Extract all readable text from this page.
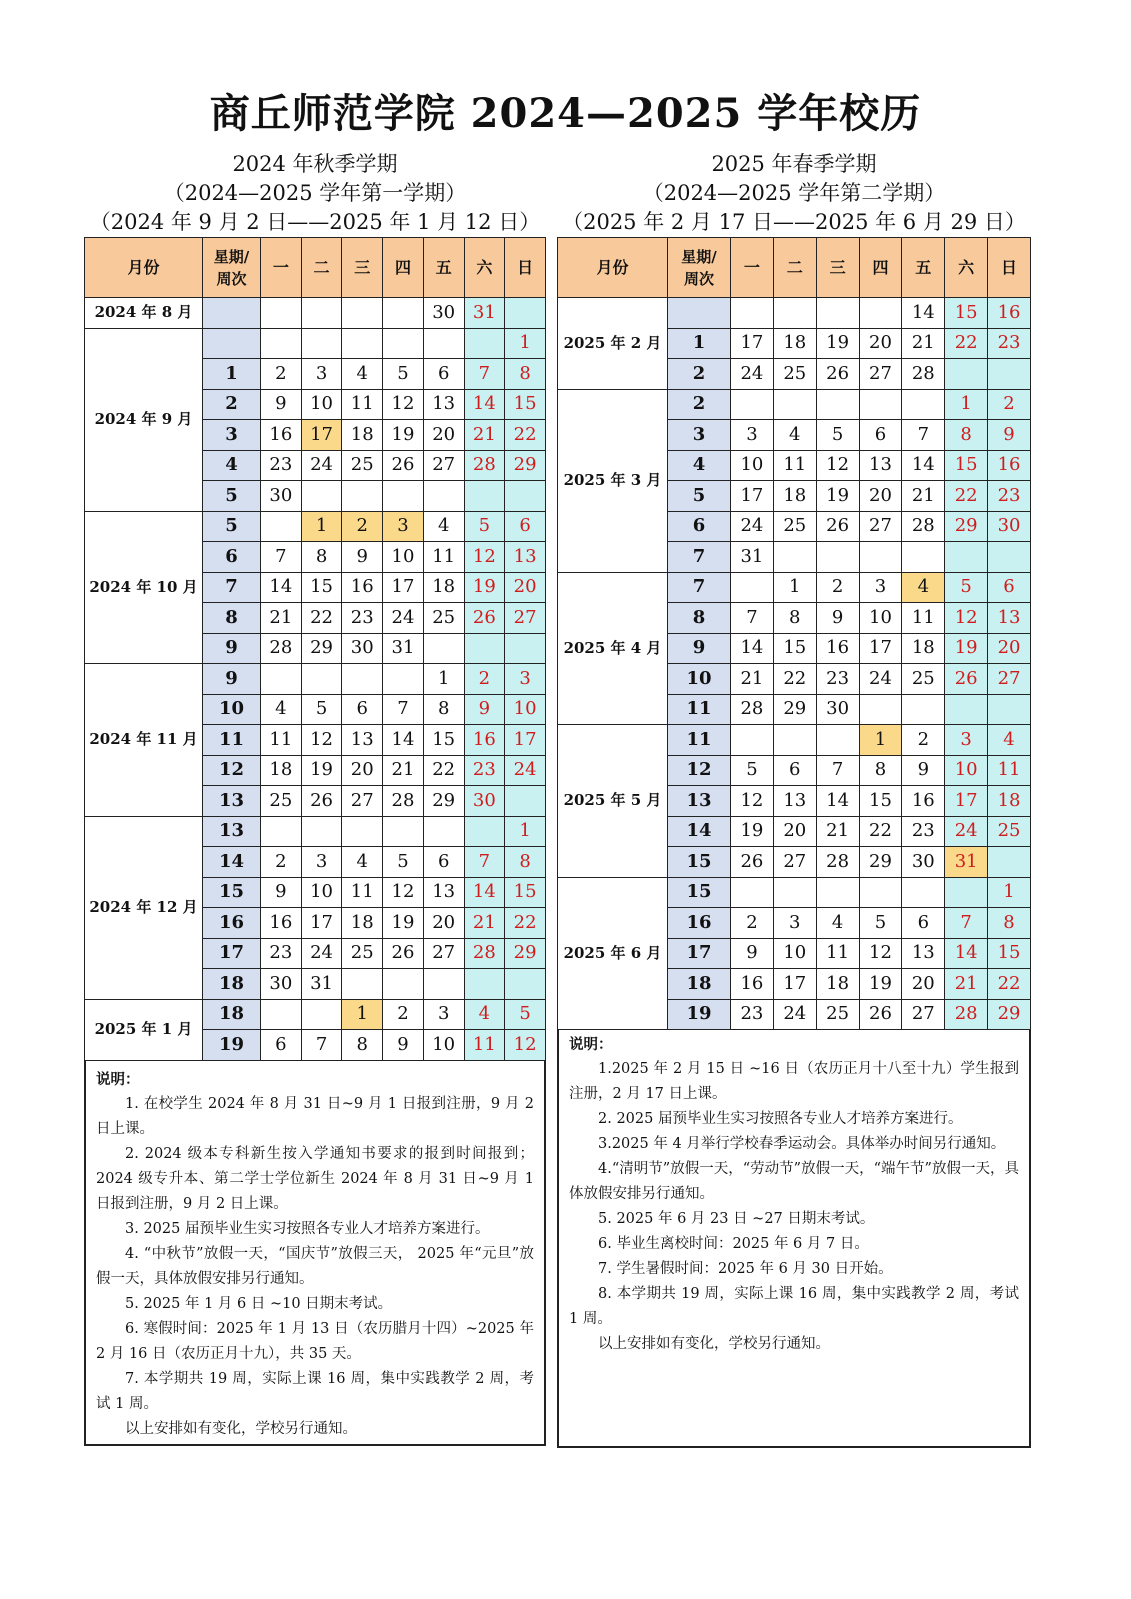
商丘师范学院 2024—2025 学年校历
2024 年秋季学期
（2024—2025 学年第一学期）
（2024 年 9 月 2 日——2025 年 1 月 12 日）
月份	星期/
周次	一	二	三	四	五	六	日
2024 年 8 月						30	31	
2024 年 9 月								1
	1	2	3	4	5	6	7	8
	2	9	10	11	12	13	14	15
	3	16	17	18	19	20	21	22
	4	23	24	25	26	27	28	29
	5	30						
2024 年 10 月	5		1	2	3	4	5	6
	6	7	8	9	10	11	12	13
	7	14	15	16	17	18	19	20
	8	21	22	23	24	25	26	27
	9	28	29	30	31			
2024 年 11 月	9					1	2	3
	10	4	5	6	7	8	9	10
	11	11	12	13	14	15	16	17
	12	18	19	20	21	22	23	24
	13	25	26	27	28	29	30	
2024 年 12 月	13							1
	14	2	3	4	5	6	7	8
	15	9	10	11	12	13	14	15
	16	16	17	18	19	20	21	22
	17	23	24	25	26	27	28	29
	18	30	31					
2025 年 1 月	18			1	2	3	4	5
	19	6	7	8	9	10	11	12
说明：

1. 在校学生 2024 年 8 月 31 日~9 月 1 日报到注册，9 月 2 日上课。

2. 2024 级本专科新生按入学通知书要求的报到时间报到；2024 级专升本、第二学士学位新生 2024 年 8 月 31 日~9 月 1 日报到注册，9 月 2 日上课。

3. 2025 届预毕业生实习按照各专业人才培养方案进行。

4. “中秋节”放假一天，“国庆节”放假三天， 2025 年“元旦”放假一天，具体放假安排另行通知。

5. 2025 年 1 月 6 日 ~10 日期末考试。

6. 寒假时间：2025 年 1 月 13 日（农历腊月十四）~2025 年 2 月 16 日（农历正月十九），共 35 天。

7. 本学期共 19 周，实际上课 16 周，集中实践教学 2 周，考试 1 周。

以上安排如有变化，学校另行通知。

2025 年春季学期
（2024—2025 学年第二学期）
（2025 年 2 月 17 日——2025 年 6 月 29 日）
月份	星期/
周次	一	二	三	四	五	六	日
2025 年 2 月						14	15	16
	1	17	18	19	20	21	22	23
	2	24	25	26	27	28		
2025 年 3 月	2						1	2
	3	3	4	5	6	7	8	9
	4	10	11	12	13	14	15	16
	5	17	18	19	20	21	22	23
	6	24	25	26	27	28	29	30
	7	31						
2025 年 4 月	7		1	2	3	4	5	6
	8	7	8	9	10	11	12	13
	9	14	15	16	17	18	19	20
	10	21	22	23	24	25	26	27
	11	28	29	30				
2025 年 5 月	11				1	2	3	4
	12	5	6	7	8	9	10	11
	13	12	13	14	15	16	17	18
	14	19	20	21	22	23	24	25
	15	26	27	28	29	30	31	
2025 年 6 月	15							1
	16	2	3	4	5	6	7	8
	17	9	10	11	12	13	14	15
	18	16	17	18	19	20	21	22
	19	23	24	25	26	27	28	29
说明：

1.2025 年 2 月 15 日 ~16 日（农历正月十八至十九）学生报到注册，2 月 17 日上课。

2. 2025 届预毕业生实习按照各专业人才培养方案进行。

3.2025 年 4 月举行学校春季运动会。具体举办时间另行通知。

4.“清明节”放假一天，“劳动节”放假一天，“端午节”放假一天，具体放假安排另行通知。

5. 2025 年 6 月 23 日 ~27 日期末考试。

6. 毕业生离校时间：2025 年 6 月 7 日。

7. 学生暑假时间：2025 年 6 月 30 日开始。

8. 本学期共 19 周，实际上课 16 周，集中实践教学 2 周，考试 1 周。

以上安排如有变化，学校另行通知。
